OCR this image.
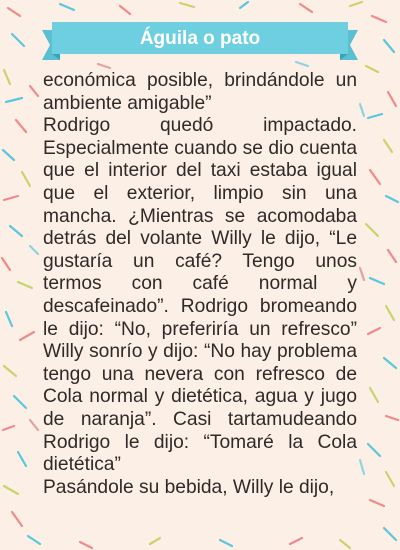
Águila o pato

económica posible, brindándole un ambiente amigable”

Rodrigo quedó impactado. Especialmente cuando se dio cuenta que el interior del taxi estaba igual que el exterior, limpio sin una mancha. ¿Mientras se acomodaba detrás del volante Willy le dijo, “Le gustaría un café? Tengo unos termos con café normal y descafeinado”. Rodrigo bromeando le dijo: “No, preferiría un refresco” Willy sonrío y dijo: “No hay problema tengo una nevera con refresco de Cola normal y dietética, agua y jugo de naranja”. Casi tartamudeando Rodrigo le dijo: “Tomaré la Cola dietética”

Pasándole su bebida, Willy le dijo,
